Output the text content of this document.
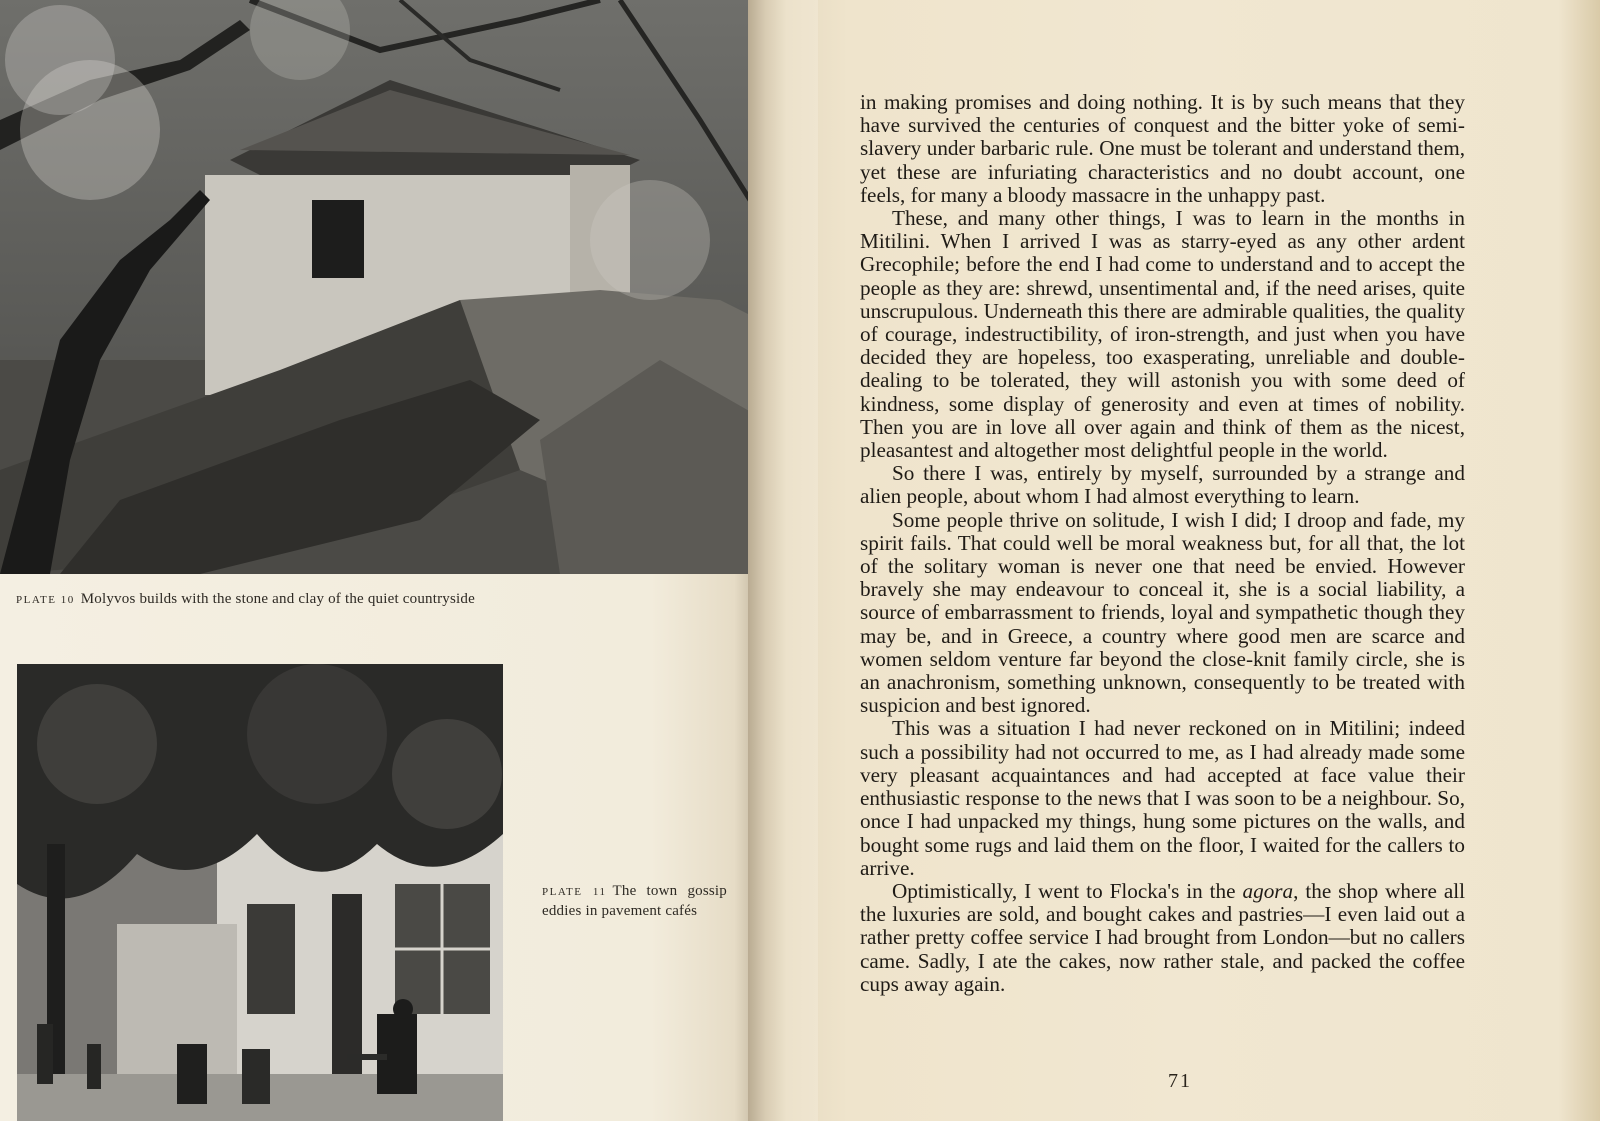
PLATE 10 Molyvos builds with the stone and clay of the quiet countryside
PLATE 11 The town gossip eddies in pavement cafés

in making promises and doing nothing. It is by such means that they have survived the centuries of conquest and the bitter yoke of semi-slavery under barbaric rule. One must be tolerant and understand them, yet these are infuriating characteristics and no doubt account, one feels, for many a bloody massacre in the unhappy past.

These, and many other things, I was to learn in the months in Mitilini. When I arrived I was as starry-eyed as any other ardent Grecophile; before the end I had come to understand and to accept the people as they are: shrewd, unsentimental and, if the need arises, quite unscrupulous. Underneath this there are admirable qualities, the quality of courage, indestructibility, of iron-strength, and just when you have decided they are hopeless, too exasperating, unreliable and double-dealing to be tolerated, they will astonish you with some deed of kindness, some display of generosity and even at times of nobility. Then you are in love all over again and think of them as the nicest, pleasantest and altogether most delightful people in the world.

So there I was, entirely by myself, surrounded by a strange and alien people, about whom I had almost everything to learn.

Some people thrive on solitude, I wish I did; I droop and fade, my spirit fails. That could well be moral weakness but, for all that, the lot of the solitary woman is never one that need be envied. However bravely she may endeavour to conceal it, she is a social liability, a source of embarrassment to friends, loyal and sympathetic though they may be, and in Greece, a country where good men are scarce and women seldom venture far beyond the close-knit family circle, she is an anachronism, something unknown, consequently to be treated with suspicion and best ignored.

This was a situation I had never reckoned on in Mitilini; indeed such a possibility had not occurred to me, as I had already made some very pleasant acquaintances and had accepted at face value their enthusiastic response to the news that I was soon to be a neighbour. So, once I had unpacked my things, hung some pictures on the walls, and bought some rugs and laid them on the floor, I waited for the callers to arrive.

Optimistically, I went to Flocka's in the agora, the shop where all the luxuries are sold, and bought cakes and pastries—I even laid out a rather pretty coffee service I had brought from London—but no callers came. Sadly, I ate the cakes, now rather stale, and packed the coffee cups away again.

71
